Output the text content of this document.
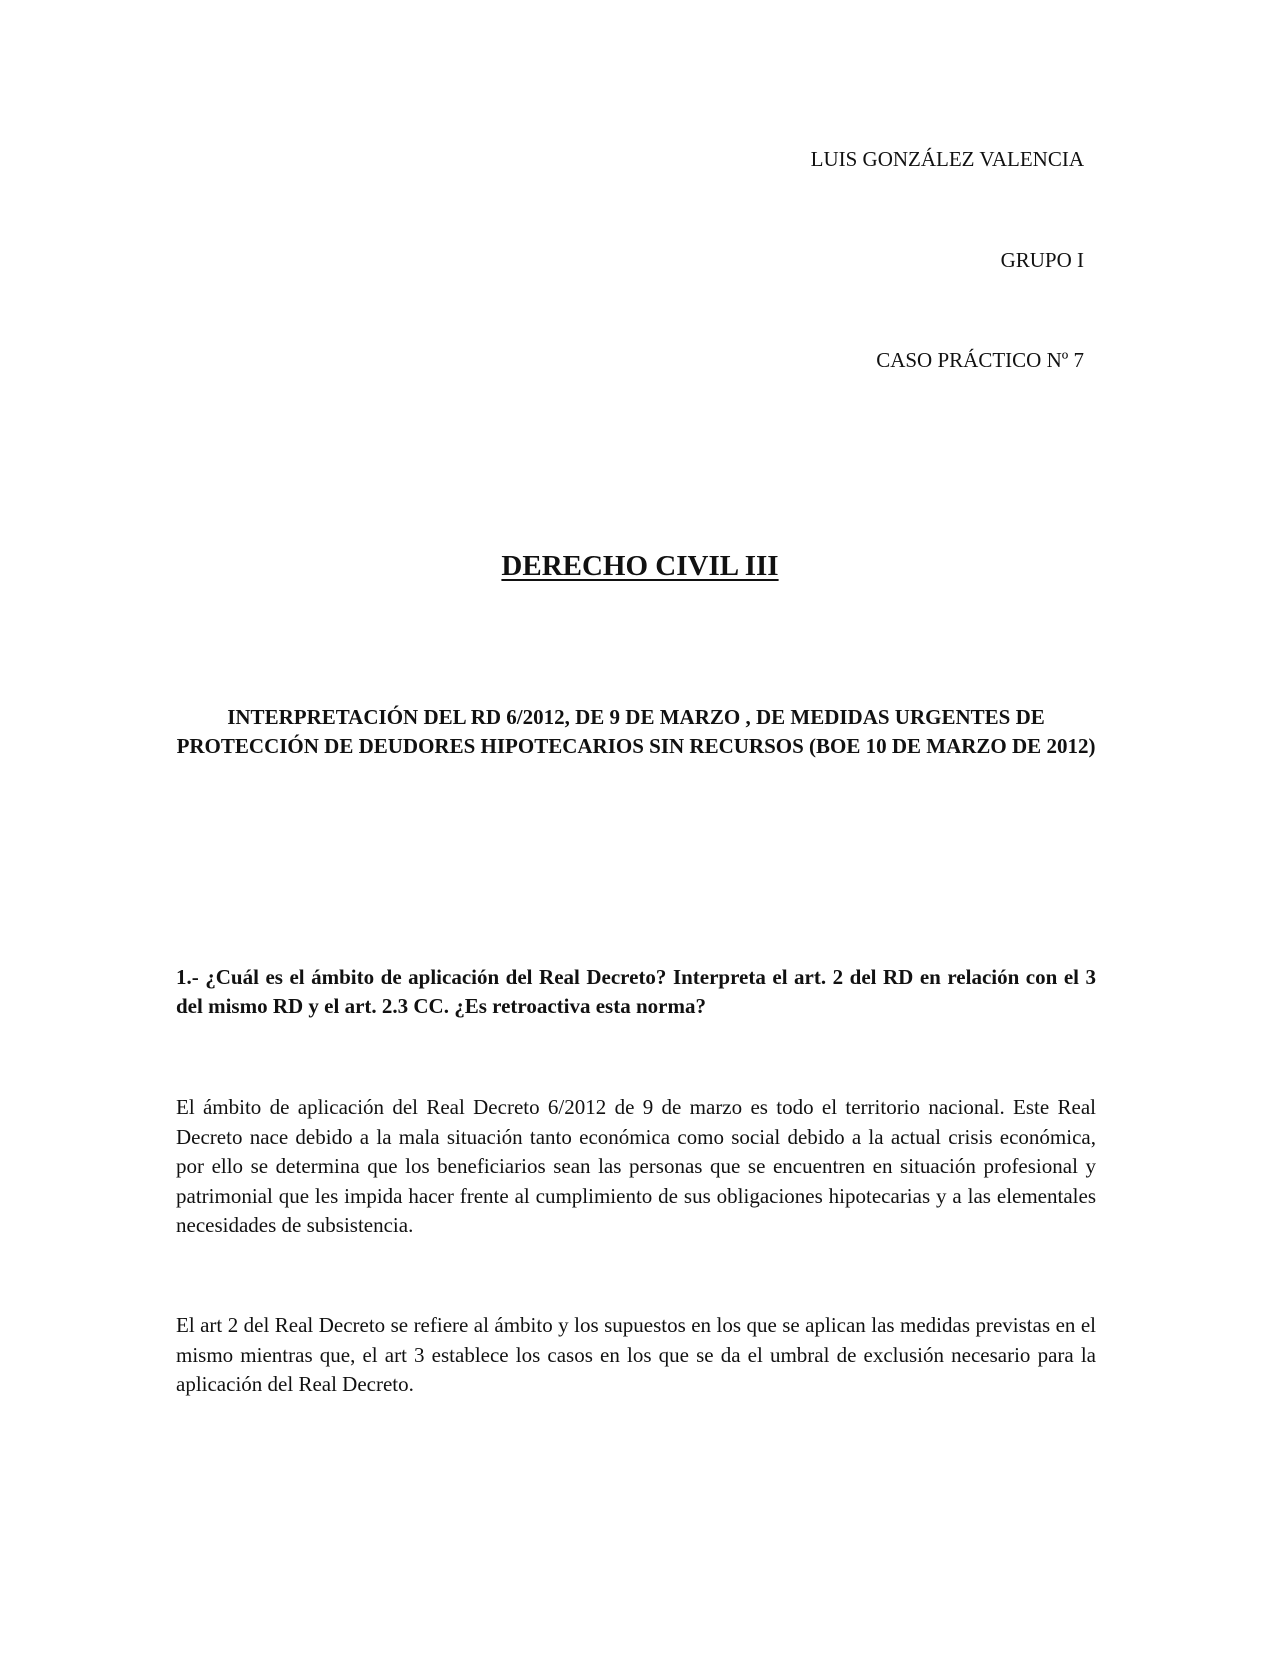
LUIS GONZÁLEZ VALENCIA
GRUPO I
CASO PRÁCTICO Nº 7
DERECHO CIVIL III
INTERPRETACIÓN DEL RD 6/2012, DE 9 DE MARZO , DE MEDIDAS URGENTES DE PROTECCIÓN DE DEUDORES HIPOTECARIOS SIN RECURSOS (BOE 10 DE MARZO DE 2012)
1.- ¿Cuál es el ámbito de aplicación del Real Decreto? Interpreta el art. 2 del RD en relación con el 3 del mismo RD y el art. 2.3 CC. ¿Es retroactiva esta norma?
El ámbito de aplicación del Real Decreto 6/2012 de 9 de marzo es todo el territorio nacional. Este Real Decreto nace debido a la mala situación tanto económica como social debido a la actual crisis económica, por ello se determina que los beneficiarios sean las personas que se encuentren en situación profesional y patrimonial que les impida hacer frente al cumplimiento de sus obligaciones hipotecarias y a las elementales necesidades de subsistencia.
El art 2 del Real Decreto se refiere al ámbito y los supuestos en los que se aplican las medidas previstas en el mismo mientras que, el art 3 establece los casos en los que se da el umbral de exclusión necesario para la aplicación del Real Decreto.
